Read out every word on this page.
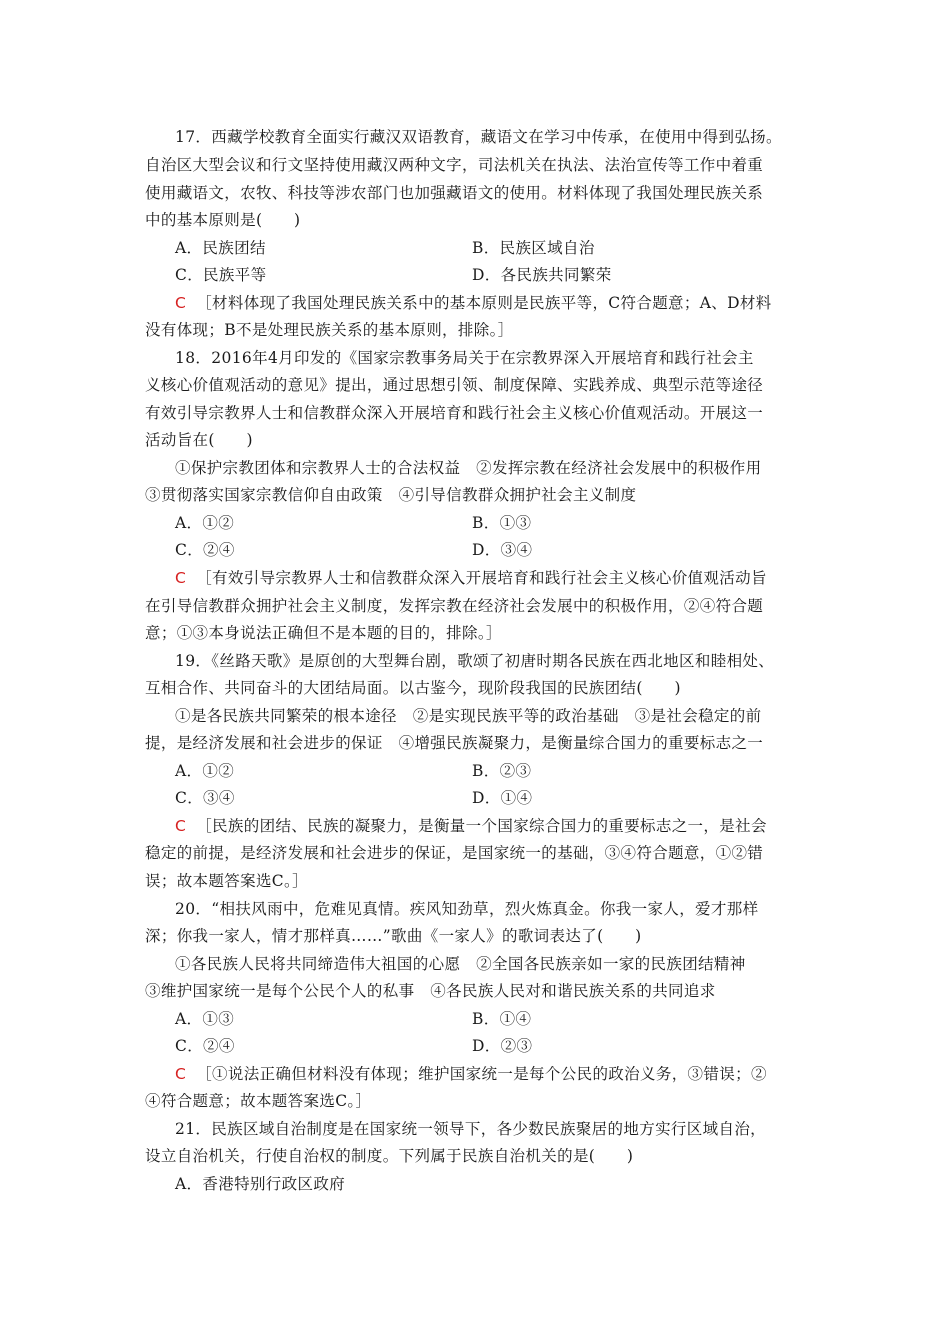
17．西藏学校教育全面实行藏汉双语教育，藏语文在学习中传承，在使用中得到弘扬。
自治区大型会议和行文坚持使用藏汉两种文字，司法机关在执法、法治宣传等工作中着重
使用藏语文，农牧、科技等涉农部门也加强藏语文的使用。材料体现了我国处理民族关系
中的基本原则是(　　)
A．民族团结	B．民族区域自治
C．民族平等	D．各民族共同繁荣
C ［材料体现了我国处理民族关系中的基本原则是民族平等，C符合题意；A、D材料
没有体现；B不是处理民族关系的基本原则，排除。］
18．2016年4月印发的《国家宗教事务局关于在宗教界深入开展培育和践行社会主
义核心价值观活动的意见》提出，通过思想引领、制度保障、实践养成、典型示范等途径
有效引导宗教界人士和信教群众深入开展培育和践行社会主义核心价值观活动。开展这一
活动旨在(　　)
①保护宗教团体和宗教界人士的合法权益　②发挥宗教在经济社会发展中的积极作用
③贯彻落实国家宗教信仰自由政策　④引导信教群众拥护社会主义制度
A．①②	B．①③
C．②④	D．③④
C ［有效引导宗教界人士和信教群众深入开展培育和践行社会主义核心价值观活动旨
在引导信教群众拥护社会主义制度，发挥宗教在经济社会发展中的积极作用，②④符合题
意；①③本身说法正确但不是本题的目的，排除。］
19．《丝路天歌》是原创的大型舞台剧，歌颂了初唐时期各民族在西北地区和睦相处、
互相合作、共同奋斗的大团结局面。以古鉴今，现阶段我国的民族团结(　　)
①是各民族共同繁荣的根本途径　②是实现民族平等的政治基础　③是社会稳定的前
提，是经济发展和社会进步的保证　④增强民族凝聚力，是衡量综合国力的重要标志之一
A．①②	B．②③
C．③④	D．①④
C ［民族的团结、民族的凝聚力，是衡量一个国家综合国力的重要标志之一，是社会
稳定的前提，是经济发展和社会进步的保证，是国家统一的基础，③④符合题意，①②错
误；故本题答案选C。］
20．“相扶风雨中，危难见真情。疾风知劲草，烈火炼真金。你我一家人，爱才那样
深；你我一家人，情才那样真……”歌曲《一家人》的歌词表达了(　　)
①各民族人民将共同缔造伟大祖国的心愿　②全国各民族亲如一家的民族团结精神
③维护国家统一是每个公民个人的私事　④各民族人民对和谐民族关系的共同追求
A．①③	B．①④
C．②④	D．②③
C ［①说法正确但材料没有体现；维护国家统一是每个公民的政治义务，③错误；②
④符合题意；故本题答案选C。］
21．民族区域自治制度是在国家统一领导下，各少数民族聚居的地方实行区域自治，
设立自治机关，行使自治权的制度。下列属于民族自治机关的是(　　)
A．香港特别行政区政府
